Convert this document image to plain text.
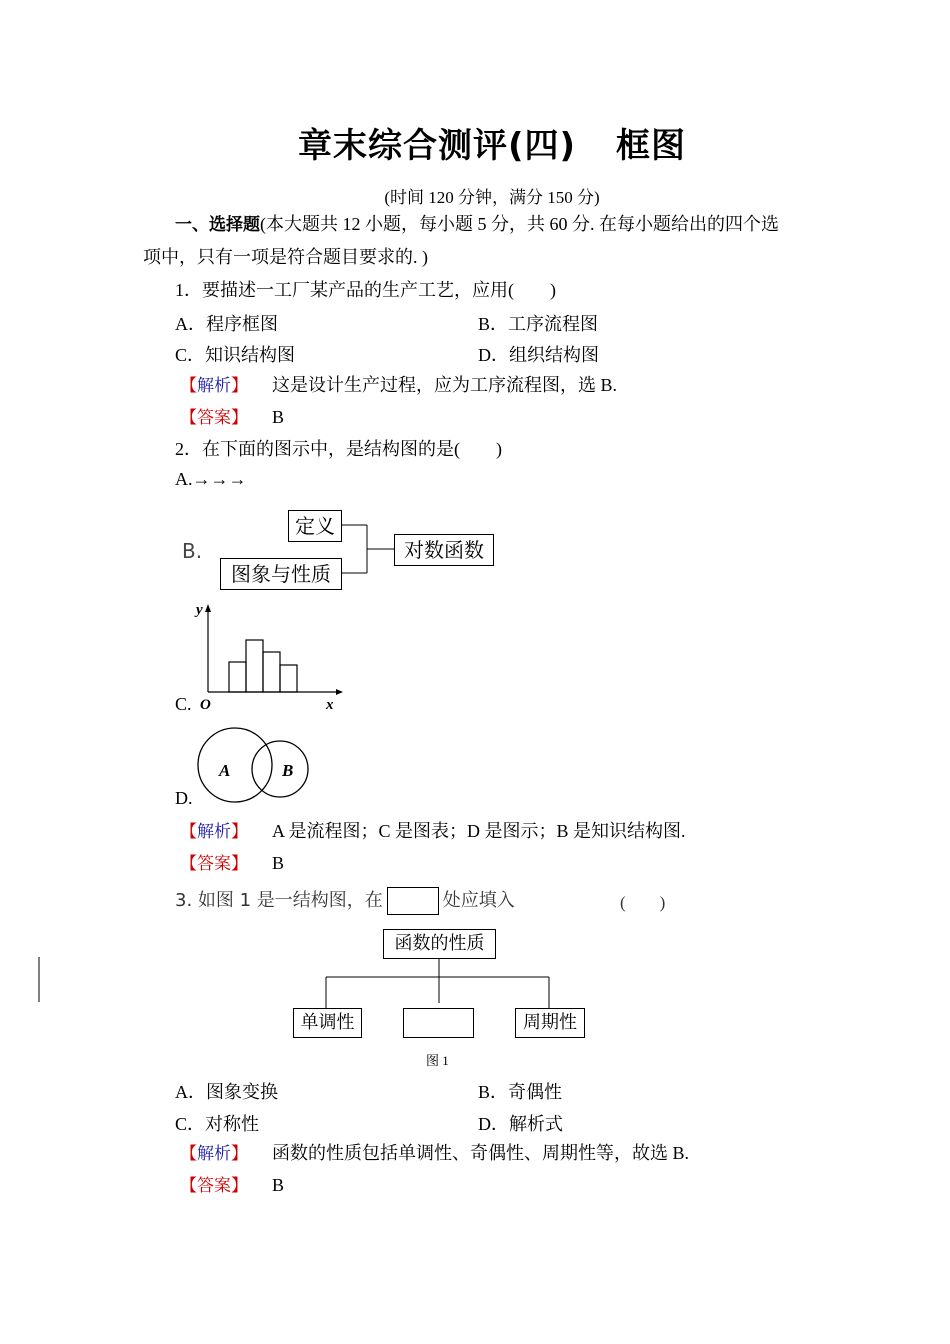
章末综合测评(四) 框图
(时间 120 分钟，满分 150 分)
一、选择题(本大题共 12 小题，每小题 5 分，共 60 分. 在每小题给出的四个选
项中，只有一项是符合题目要求的. )
1．要描述一工厂某产品的生产工艺，应用(　　)
A．程序框图	B．工序流程图
C．知识结构图	D．组织结构图
【解析】 这是设计生产过程，应为工序流程图，选 B.
【答案】 B
2．在下面的图示中，是结构图的是(　　)
A.→→→
B.
定义
图象与性质
对数函数
y
O	x
C.
A	B
D.
【解析】 A 是流程图；C 是图表；D 是图示；B 是知识结构图.
【答案】 B
3. 如图 1 是一结构图，在	处应填入	(　　)
函数的性质
单调性	周期性
图 1
A．图象变换	B．奇偶性
C．对称性	D．解析式
【解析】 函数的性质包括单调性、奇偶性、周期性等，故选 B.
【答案】 B
